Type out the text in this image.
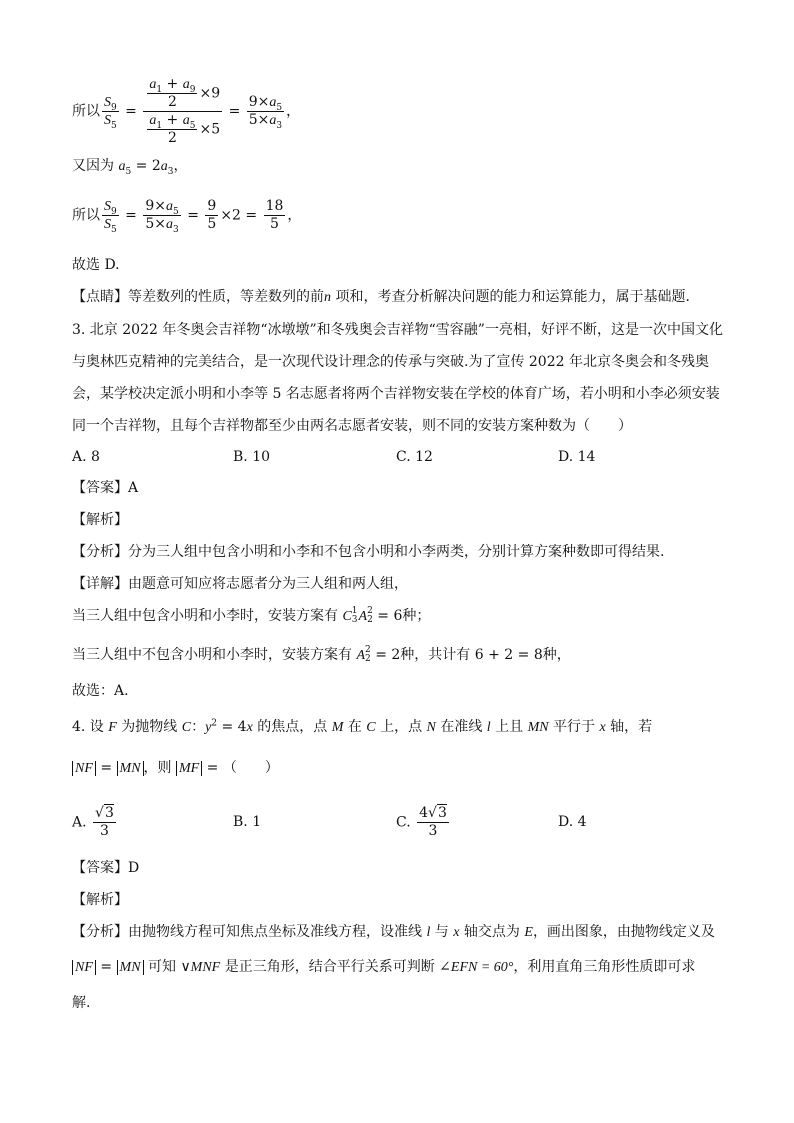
所以 $\frac{S_9}{S_5} = \frac{\frac{a_1 + a_9}{2} \times 9}{\frac{a_1 + a_5}{2} \times 5} = \frac{9\times a_5}{5\times a_3}$ ，
又因为 $a_5 = 2a_3$，
所以 $\frac{S_9}{S_5} = \frac{9\times a_5}{5\times a_3} = \frac{9}{5} \times 2 = \frac{18}{5}$ ，
故选 D.
【点睛】等差数列的性质，等差数列的前n 项和，考查分析解决问题的能力和运算能力，属于基础题．
3. 北京 2022 年冬奥会吉祥物“冰墩墩”和冬残奥会吉祥物“雪容融”一亮相，好评不断，这是一次中国文化
与奥林匹克精神的完美结合，是一次现代设计理念的传承与突破.为了宣传 2022 年北京冬奥会和冬残奥
会，某学校决定派小明和小李等 5 名志愿者将两个吉祥物安装在学校的体育广场，若小明和小李必须安装
同一个吉祥物，且每个吉祥物都至少由两名志愿者安装，则不同的安装方案种数为（　　）
A. 8	B. 10	C. 12	D. 14
【答案】A
【解析】
【分析】分为三人组中包含小明和小李和不包含小明和小李两类，分别计算方案种数即可得结果.
【详解】由题意可知应将志愿者分为三人组和两人组，
当三人组中包含小明和小李时，安装方案有 C 1
3 A 2
2 = 6种；
当三人组中不包含小明和小李时，安装方案有 A 2
2 = 2种，共计有 6 + 2 = 8种，
故选：A.
4. 设 F 为抛物线 C：$y^2 = 4x$ 的焦点，点 M 在 C 上，点 N 在准线 l 上且 MN 平行于 x 轴，若
NF = MN ，则 MF = （　　）
A. $\frac{√3}{3}$	B. 1	C. $\frac{4√3}{3}$	D. 4
【答案】D
【解析】
【分析】由抛物线方程可知焦点坐标及准线方程，设准线 l 与 x 轴交点为 E，画出图象，由抛物线定义及
NF = MN 可知 ∨MNF 是正三角形，结合平行关系可判断 ∠EFN = 60°，利用直角三角形性质即可求
解.
